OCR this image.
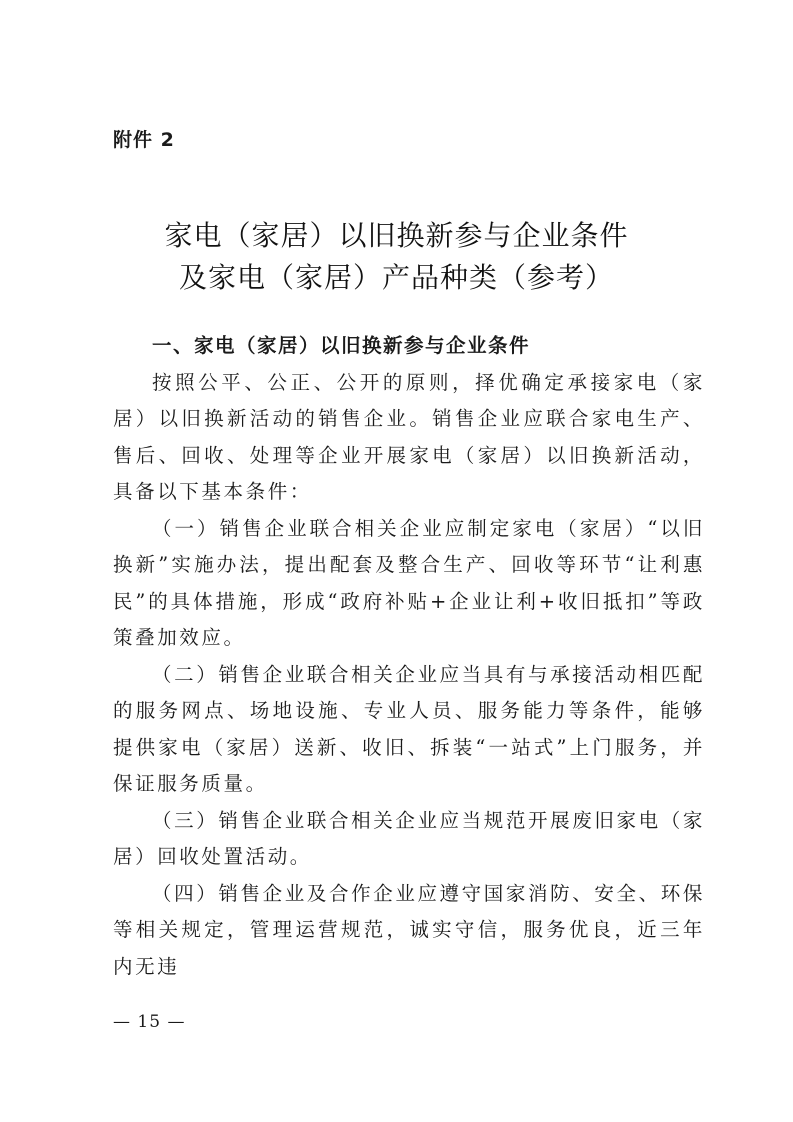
附件 2
家电（家居）以旧换新参与企业条件
及家电（家居）产品种类（参考）

一、家电（家居）以旧换新参与企业条件

按照公平、公正、公开的原则，择优确定承接家电（家居）以旧换新活动的销售企业。销售企业应联合家电生产、售后、回收、处理等企业开展家电（家居）以旧换新活动，具备以下基本条件：

（一）销售企业联合相关企业应制定家电（家居）“以旧换新”实施办法，提出配套及整合生产、回收等环节“让利惠民”的具体措施，形成“政府补贴+企业让利+收旧抵扣”等政策叠加效应。

（二）销售企业联合相关企业应当具有与承接活动相匹配的服务网点、场地设施、专业人员、服务能力等条件，能够提供家电（家居）送新、收旧、拆装“一站式”上门服务，并保证服务质量。

（三）销售企业联合相关企业应当规范开展废旧家电（家居）回收处置活动。

（四）销售企业及合作企业应遵守国家消防、安全、环保等相关规定，管理运营规范，诚实守信，服务优良，近三年内无违

— 15 —
